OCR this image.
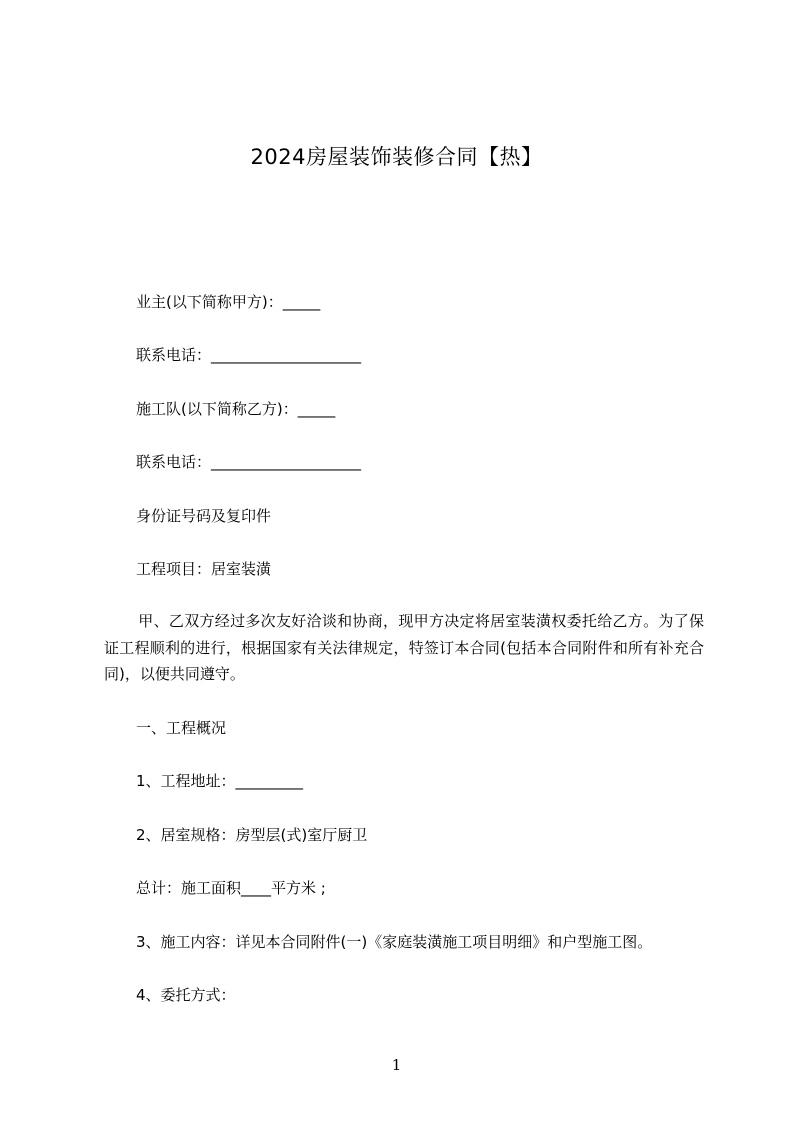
2024房屋装饰装修合同【热】
业主(以下简称甲方)：_____
联系电话：____________________
施工队(以下简称乙方)：_____
联系电话：____________________
身份证号码及复印件
工程项目：居室装潢
甲、乙双方经过多次友好洽谈和协商，现甲方决定将居室装潢权委托给乙方。为了保证工程顺利的进行，根据国家有关法律规定，特签订本合同(包括本合同附件和所有补充合同)，以便共同遵守。
一、工程概况
1、工程地址：_________
2、居室规格：房型层(式)室厅厨卫
总计：施工面积____平方米 ;
3、施工内容：详见本合同附件(一)《家庭装潢施工项目明细》和户型施工图。
4、委托方式：
1
